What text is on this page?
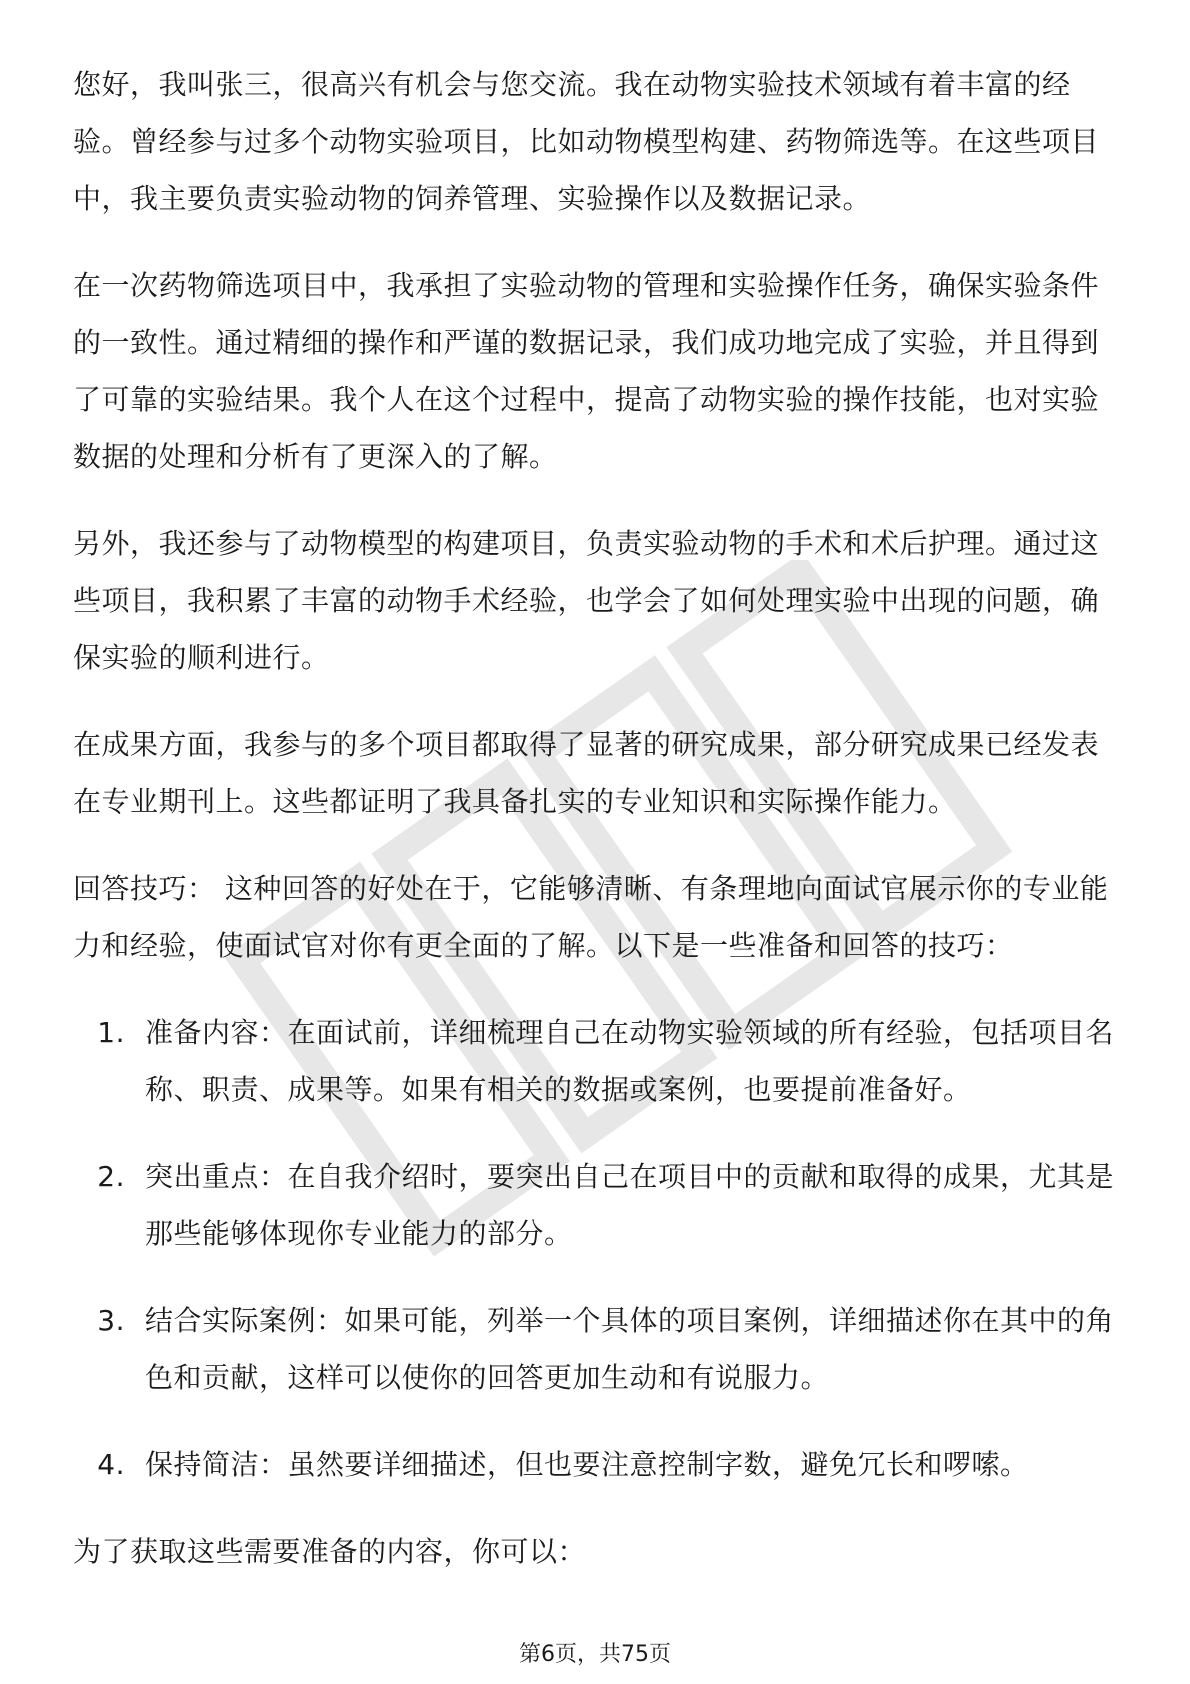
您好，我叫张三，很高兴有机会与您交流。我在动物实验技术领域有着丰富的经验。曾经参与过多个动物实验项目，比如动物模型构建、药物筛选等。在这些项目中，我主要负责实验动物的饲养管理、实验操作以及数据记录。

在一次药物筛选项目中，我承担了实验动物的管理和实验操作任务，确保实验条件的一致性。通过精细的操作和严谨的数据记录，我们成功地完成了实验，并且得到了可靠的实验结果。我个人在这个过程中，提高了动物实验的操作技能，也对实验数据的处理和分析有了更深入的了解。

另外，我还参与了动物模型的构建项目，负责实验动物的手术和术后护理。通过这些项目，我积累了丰富的动物手术经验，也学会了如何处理实验中出现的问题，确保实验的顺利进行。

在成果方面，我参与的多个项目都取得了显著的研究成果，部分研究成果已经发表在专业期刊上。这些都证明了我具备扎实的专业知识和实际操作能力。

回答技巧： 这种回答的好处在于，它能够清晰、有条理地向面试官展示你的专业能力和经验，使面试官对你有更全面的了解。以下是一些准备和回答的技巧：

1. 准备内容：在面试前，详细梳理自己在动物实验领域的所有经验，包括项目名称、职责、成果等。如果有相关的数据或案例，也要提前准备好。
2. 突出重点：在自我介绍时，要突出自己在项目中的贡献和取得的成果，尤其是那些能够体现你专业能力的部分。
3. 结合实际案例：如果可能，列举一个具体的项目案例，详细描述你在其中的角色和贡献，这样可以使你的回答更加生动和有说服力。
4. 保持简洁：虽然要详细描述，但也要注意控制字数，避免冗长和啰嗦。

为了获取这些需要准备的内容，你可以：

第6页，共75页
